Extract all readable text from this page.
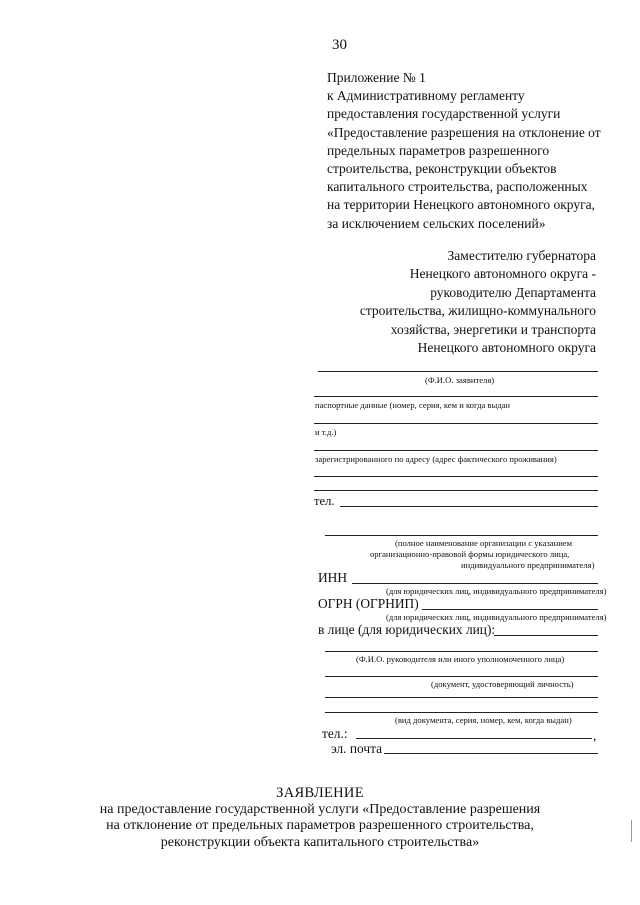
30
Приложение № 1
к Административному регламенту
предоставления государственной услуги
«Предоставление разрешения на отклонение от
предельных параметров разрешенного
строительства, реконструкции объектов
капитального строительства, расположенных
на территории Ненецкого автономного округа,
за исключением сельских поселений»
Заместителю губернатора
Ненецкого автономного округа -
руководителю Департамента
строительства, жилищно-коммунального
хозяйства, энергетики и транспорта
Ненецкого автономного округа
(Ф.И.О. заявителя)
паспортные данные (номер, серия, кем и когда выдан
и т.д.)
зарегистрированного по адресу (адрес фактического проживания)
тел.
(полное наименование организации с указанием
организационно-правовой формы юридического лица,
индивидуального предпринимателя)
ИНН
(для юридических лиц, индивидуального предпринимателя)
ОГРН (ОГРНИП)
(для юридических лиц, индивидуального предпринимателя)
в лице (для юридических лиц):
(Ф.И.О. руководителя или иного уполномоченного лица)
(документ, удостоверяющий личность)
(вид документа, серия, номер, кем, когда выдан)
тел.:	,
эл. почта
ЗАЯВЛЕНИЕ
на предоставление государственной услуги «Предоставление разрешения
на отклонение от предельных параметров разрешенного строительства,
реконструкции объекта капитального строительства»
